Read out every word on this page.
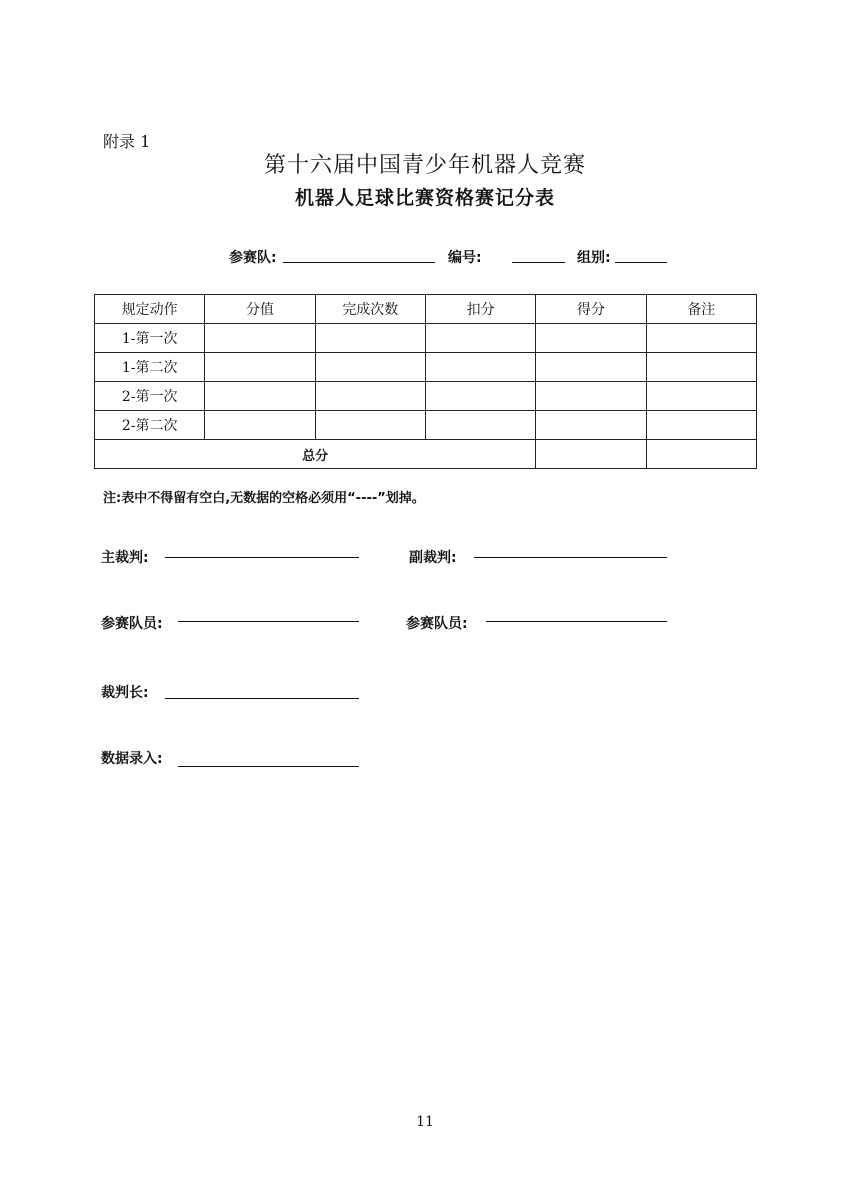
附录 1
第十六届中国青少年机器人竞赛
机器人足球比赛资格赛记分表
参赛队:	编号:	组别:
规定动作	分值	完成次数	扣分	得分	备注
1-第一次					
1-第二次					
2-第一次					
2-第二次					
总分					
注:表中不得留有空白,无数据的空格必须用“----”划掉。
主裁判:	副裁判:
参赛队员:	参赛队员:
裁判长:
数据录入:
11
